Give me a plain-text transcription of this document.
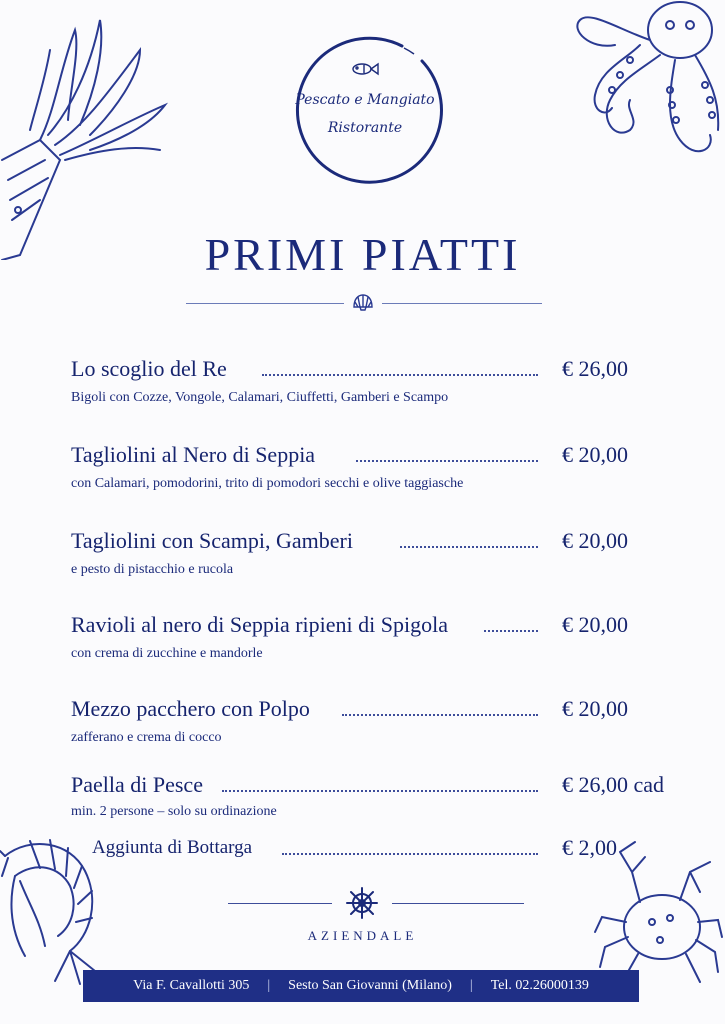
Pescato e Mangiato
Ristorante
PRIMI PIATTI
Lo scoglio del Re	€ 26,00
Bigoli con Cozze, Vongole, Calamari, Ciuffetti, Gamberi e Scampo
Tagliolini al Nero di Seppia	€ 20,00
con Calamari, pomodorini, trito di pomodori secchi e olive taggiasche
Tagliolini con Scampi, Gamberi	€ 20,00
e pesto di pistacchio e rucola
Ravioli al nero di Seppia ripieni di Spigola	€ 20,00
con crema di zucchine e mandorle
Mezzo pacchero con Polpo	€ 20,00
zafferano e crema di cocco
Paella di Pesce	€ 26,00 cad
min. 2 persone – solo su ordinazione
Aggiunta di Bottarga	€ 2,00
AZIENDALE
Via F. Cavallotti 305 | Sesto San Giovanni (Milano) | Tel. 02.26000139
